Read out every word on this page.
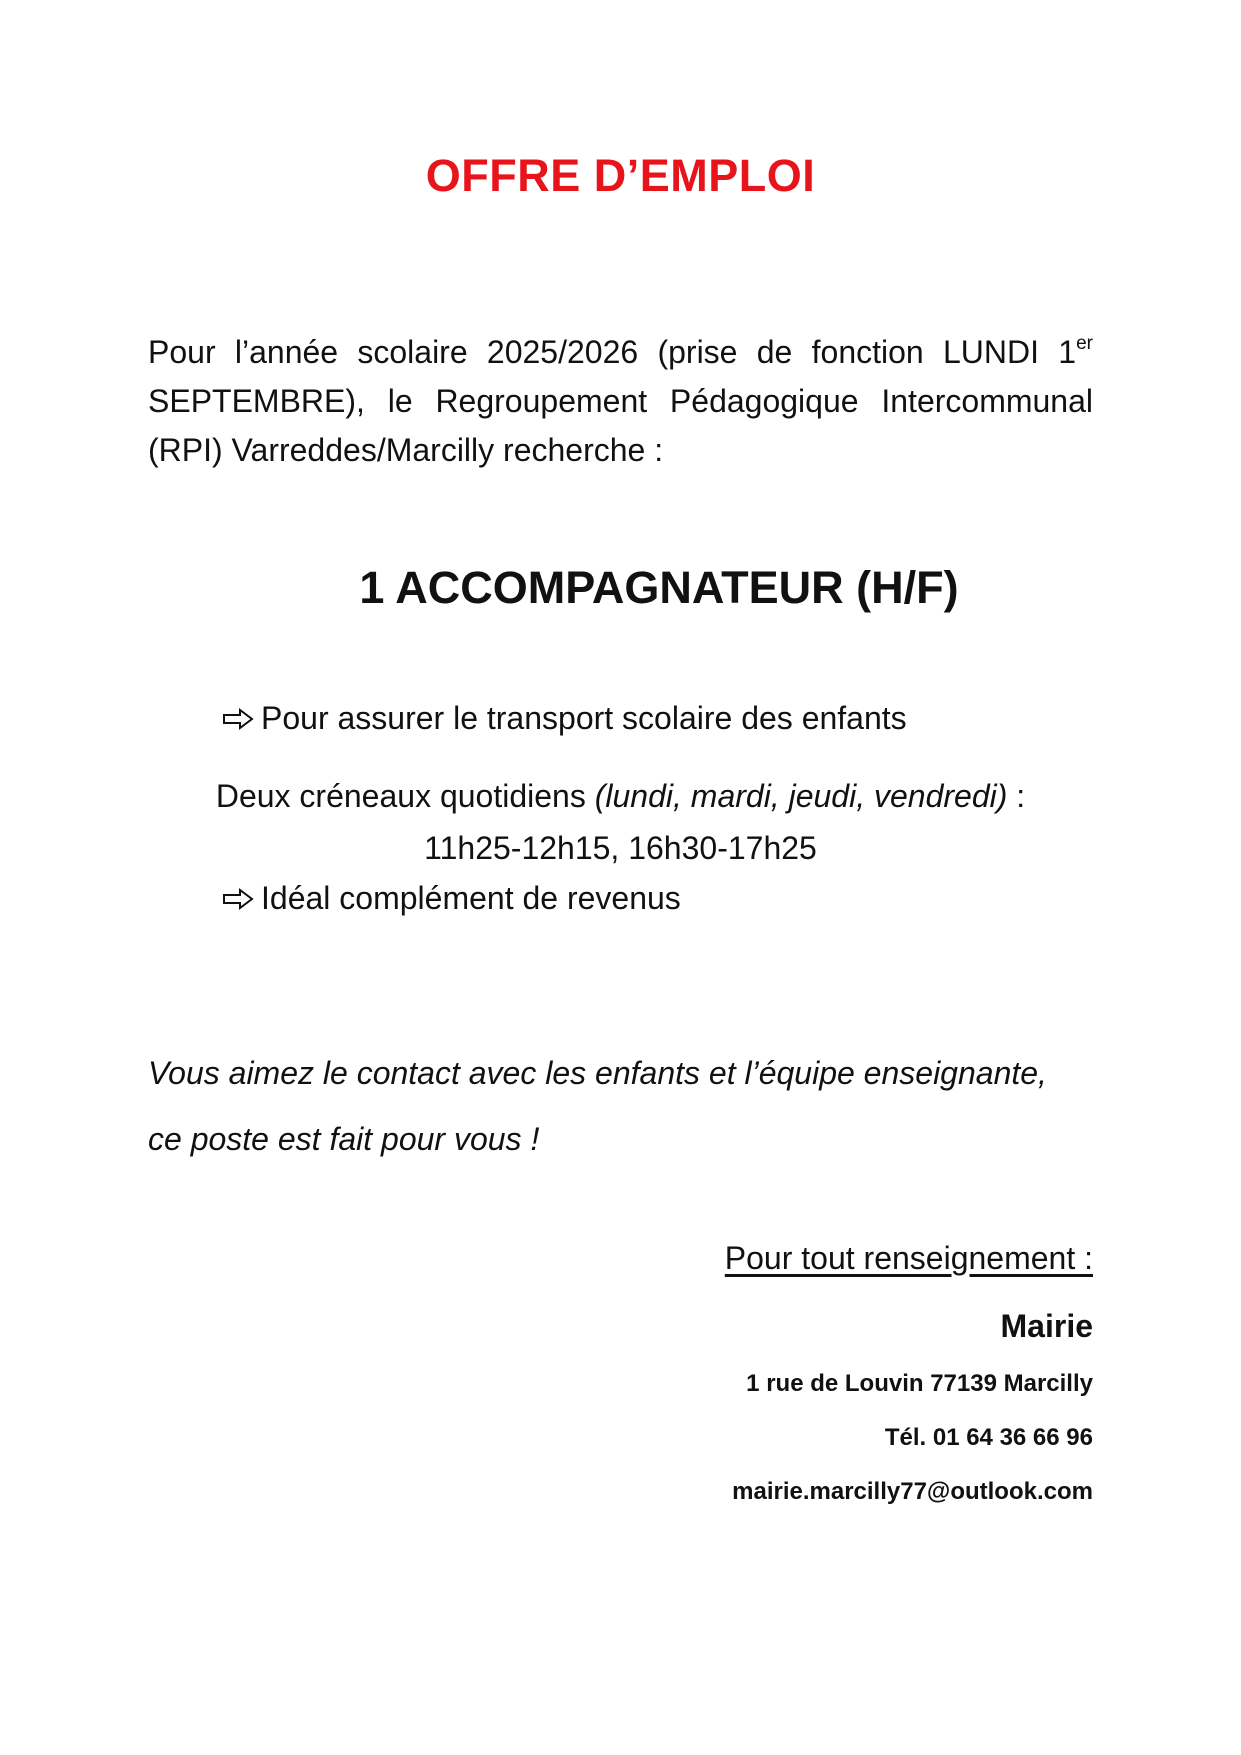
OFFRE D’EMPLOI
Pour l’année scolaire 2025/2026 (prise de fonction LUNDI 1er
SEPTEMBRE), le Regroupement Pédagogique Intercommunal
(RPI) Varreddes/Marcilly recherche :
1 ACCOMPAGNATEUR (H/F)
Pour assurer le transport scolaire des enfants
Deux créneaux quotidiens (lundi, mardi, jeudi, vendredi) :
11h25-12h15, 16h30-17h25
Idéal complément de revenus
Vous aimez le contact avec les enfants et l’équipe enseignante,
ce poste est fait pour vous !
Pour tout renseignement :
Mairie
1 rue de Louvin 77139 Marcilly
Tél. 01 64 36 66 96
mairie.marcilly77@outlook.com
